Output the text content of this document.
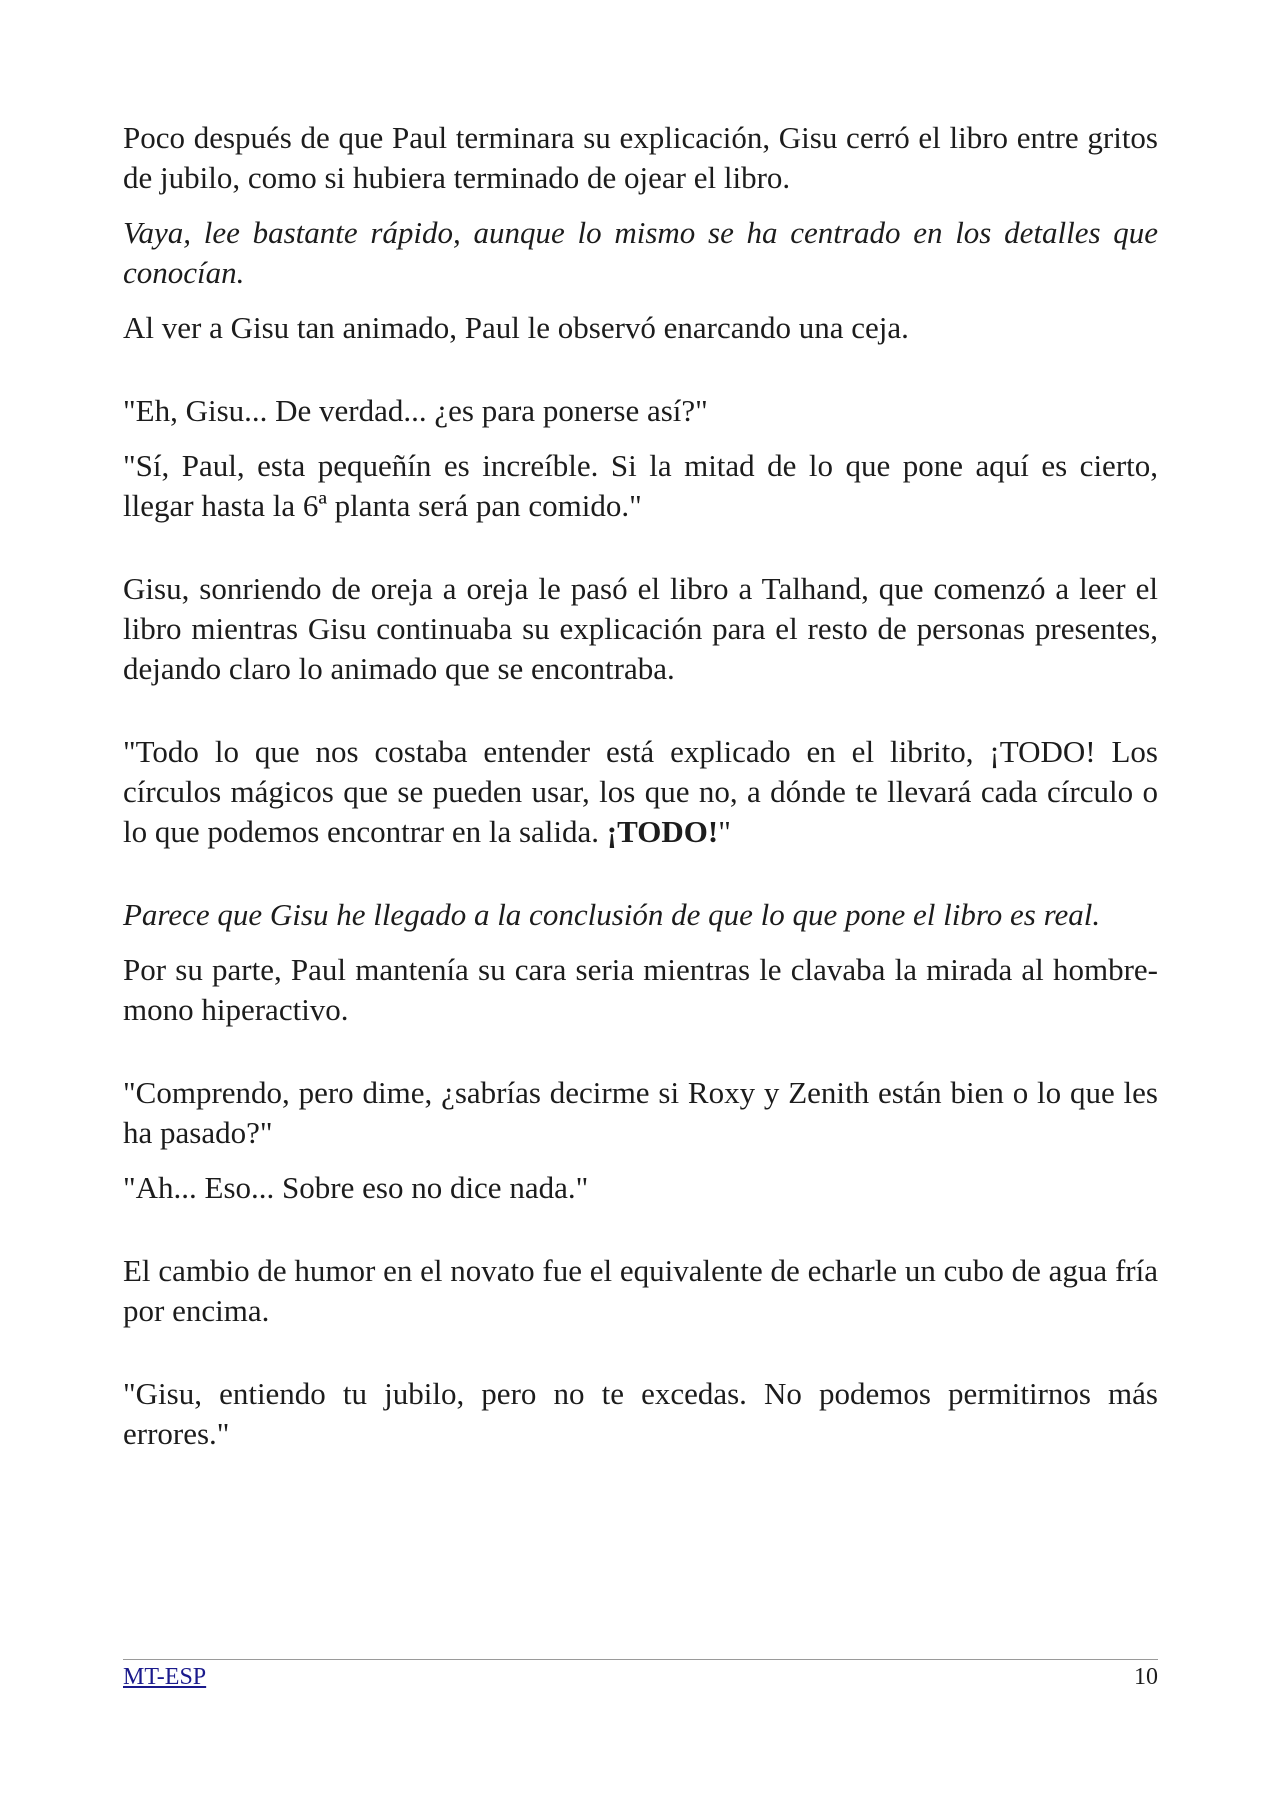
Poco después de que Paul terminara su explicación, Gisu cerró el libro entre gritos de jubilo, como si hubiera terminado de ojear el libro.

Vaya, lee bastante rápido, aunque lo mismo se ha centrado en los detalles que conocían.

Al ver a Gisu tan animado, Paul le observó enarcando una ceja.

"Eh, Gisu... De verdad... ¿es para ponerse así?"

"Sí, Paul, esta pequeñín es increíble. Si la mitad de lo que pone aquí es cierto, llegar hasta la 6ª planta será pan comido."

Gisu, sonriendo de oreja a oreja le pasó el libro a Talhand, que comenzó a leer el libro mientras Gisu continuaba su explicación para el resto de personas presentes, dejando claro lo animado que se encontraba.

"Todo lo que nos costaba entender está explicado en el librito, ¡TODO! Los círculos mágicos que se pueden usar, los que no, a dónde te llevará cada círculo o lo que podemos encontrar en la salida. ¡TODO!"

Parece que Gisu he llegado a la conclusión de que lo que pone el libro es real.

Por su parte, Paul mantenía su cara seria mientras le clavaba la mirada al hombre-mono hiperactivo.

"Comprendo, pero dime, ¿sabrías decirme si Roxy y Zenith están bien o lo que les ha pasado?"

"Ah... Eso... Sobre eso no dice nada."

El cambio de humor en el novato fue el equivalente de echarle un cubo de agua fría por encima.

"Gisu, entiendo tu jubilo, pero no te excedas. No podemos permitirnos más errores."

MT-ESP	10
